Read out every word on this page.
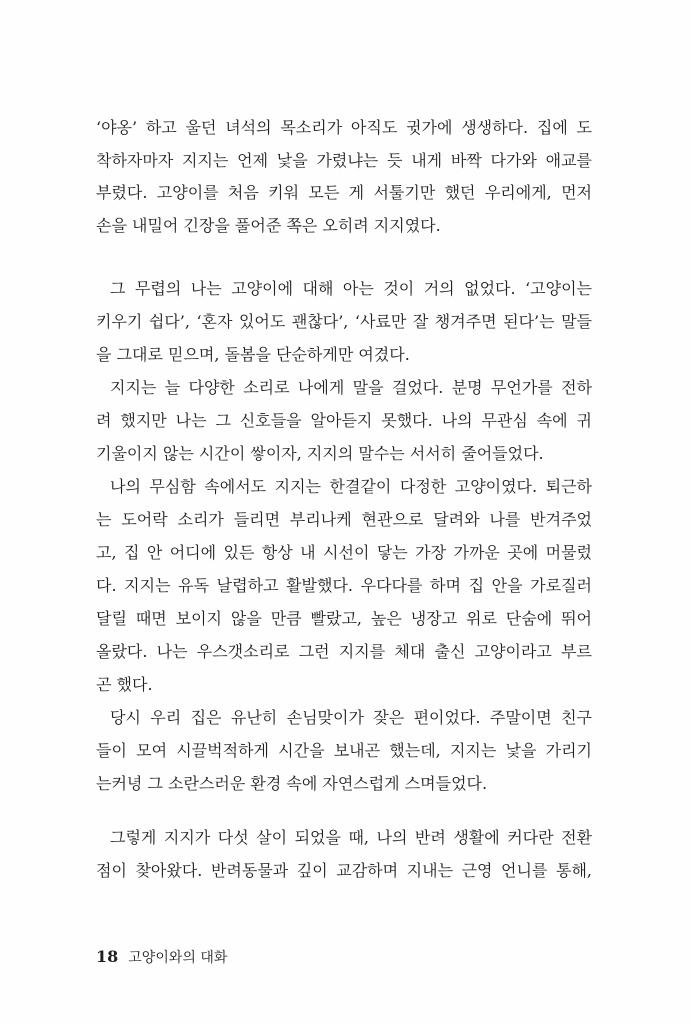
‘야옹’ 하고 울던 녀석의 목소리가 아직도 귓가에 생생하다. 집에 도
착하자마자 지지는 언제 낯을 가렸냐는 듯 내게 바짝 다가와 애교를
부렸다. 고양이를 처음 키워 모든 게 서툴기만 했던 우리에게, 먼저
손을 내밀어 긴장을 풀어준 쪽은 오히려 지지였다.
그 무렵의 나는 고양이에 대해 아는 것이 거의 없었다. ‘고양이는
키우기 쉽다’, ‘혼자 있어도 괜찮다’, ‘사료만 잘 챙겨주면 된다’는 말들
을 그대로 믿으며, 돌봄을 단순하게만 여겼다.
지지는 늘 다양한 소리로 나에게 말을 걸었다. 분명 무언가를 전하
려 했지만 나는 그 신호들을 알아듣지 못했다. 나의 무관심 속에 귀
기울이지 않는 시간이 쌓이자, 지지의 말수는 서서히 줄어들었다.
나의 무심함 속에서도 지지는 한결같이 다정한 고양이였다. 퇴근하
는 도어락 소리가 들리면 부리나케 현관으로 달려와 나를 반겨주었
고, 집 안 어디에 있든 항상 내 시선이 닿는 가장 가까운 곳에 머물렀
다. 지지는 유독 날렵하고 활발했다. 우다다를 하며 집 안을 가로질러
달릴 때면 보이지 않을 만큼 빨랐고, 높은 냉장고 위로 단숨에 뛰어
올랐다. 나는 우스갯소리로 그런 지지를 체대 출신 고양이라고 부르
곤 했다.
당시 우리 집은 유난히 손님맞이가 잦은 편이었다. 주말이면 친구
들이 모여 시끌벅적하게 시간을 보내곤 했는데, 지지는 낯을 가리기
는커녕 그 소란스러운 환경 속에 자연스럽게 스며들었다.
그렇게 지지가 다섯 살이 되었을 때, 나의 반려 생활에 커다란 전환
점이 찾아왔다. 반려동물과 깊이 교감하며 지내는 근영 언니를 통해,
18 고양이와의 대화
